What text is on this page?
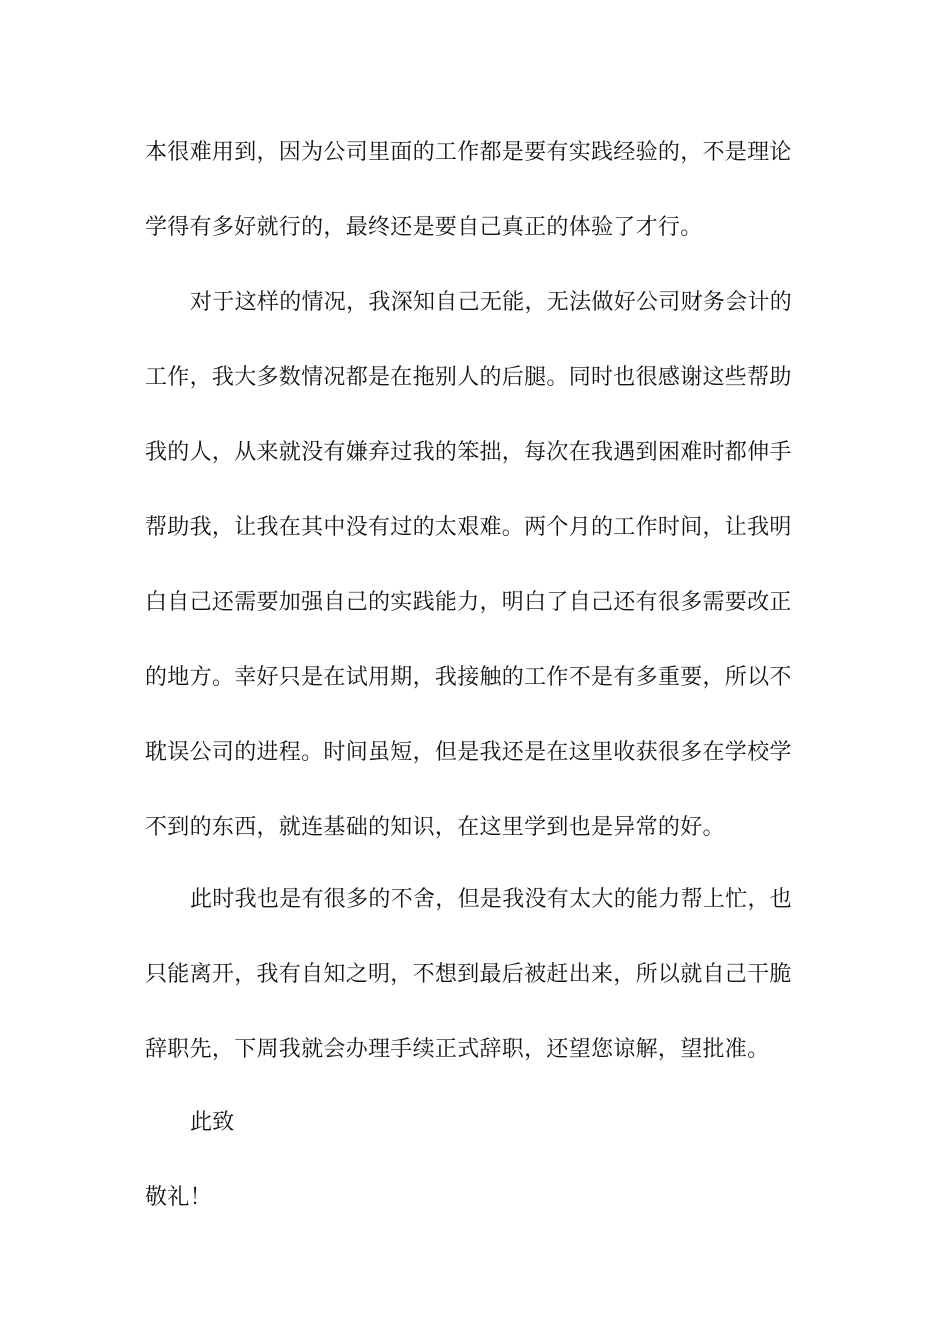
本很难用到，因为公司里面的工作都是要有实践经验的，不是理论
学得有多好就行的，最终还是要自己真正的体验了才行。
对于这样的情况，我深知自己无能，无法做好公司财务会计的
工作，我大多数情况都是在拖别人的后腿。同时也很感谢这些帮助
我的人，从来就没有嫌弃过我的笨拙，每次在我遇到困难时都伸手
帮助我，让我在其中没有过的太艰难。两个月的工作时间，让我明
白自己还需要加强自己的实践能力，明白了自己还有很多需要改正
的地方。幸好只是在试用期，我接触的工作不是有多重要，所以不
耽误公司的进程。时间虽短，但是我还是在这里收获很多在学校学
不到的东西，就连基础的知识，在这里学到也是异常的好。
此时我也是有很多的不舍，但是我没有太大的能力帮上忙，也
只能离开，我有自知之明，不想到最后被赶出来，所以就自己干脆
辞职先，下周我就会办理手续正式辞职，还望您谅解，望批准。
此致
敬礼！
